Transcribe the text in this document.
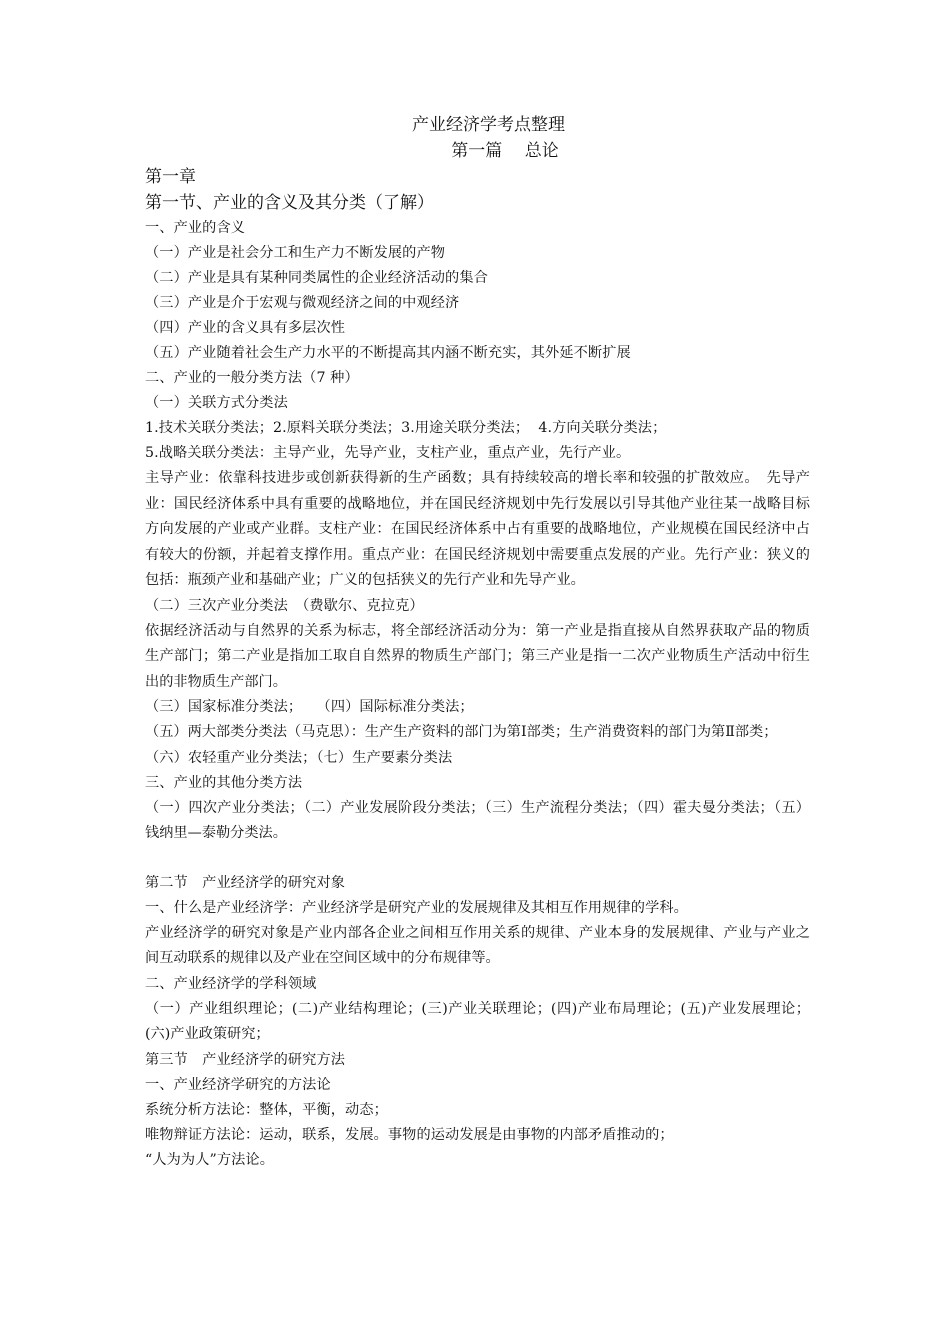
产业经济学考点整理
第一篇　 总论
第一章
第一节、产业的含义及其分类（了解）
一、产业的含义
（一）产业是社会分工和生产力不断发展的产物
（二）产业是具有某种同类属性的企业经济活动的集合
（三）产业是介于宏观与微观经济之间的中观经济
（四）产业的含义具有多层次性
（五）产业随着社会生产力水平的不断提高其内涵不断充实，其外延不断扩展
二、产业的一般分类方法（7 种）
（一）关联方式分类法
1.技术关联分类法；2.原料关联分类法；3.用途关联分类法；  4.方向关联分类法；
5.战略关联分类法：主导产业，先导产业，支柱产业，重点产业，先行产业。
主导产业：依靠科技进步或创新获得新的生产函数；具有持续较高的增长率和较强的扩散效应。　先导产业：国民经济体系中具有重要的战略地位，并在国民经济规划中先行发展以引导其他产业往某一战略目标方向发展的产业或产业群。支柱产业：在国民经济体系中占有重要的战略地位，产业规模在国民经济中占有较大的份额，并起着支撑作用。重点产业：在国民经济规划中需要重点发展的产业。先行产业：狭义的包括：瓶颈产业和基础产业；广义的包括狭义的先行产业和先导产业。
（二）三次产业分类法　（费歇尔、克拉克）
依据经济活动与自然界的关系为标志，将全部经济活动分为：第一产业是指直接从自然界获取产品的物质生产部门；第二产业是指加工取自自然界的物质生产部门；第三产业是指一二次产业物质生产活动中衍生出的非物质生产部门。
（三）国家标准分类法；　　（四）国际标准分类法；
（五）两大部类分类法（马克思）：生产生产资料的部门为第Ⅰ部类；生产消费资料的部门为第Ⅱ部类；
（六）农轻重产业分类法；（七）生产要素分类法
三、产业的其他分类方法
（一）四次产业分类法；（二）产业发展阶段分类法；（三）生产流程分类法；（四）霍夫曼分类法；（五）钱纳里—泰勒分类法。
第二节　产业经济学的研究对象
一、什么是产业经济学：产业经济学是研究产业的发展规律及其相互作用规律的学科。
产业经济学的研究对象是产业内部各企业之间相互作用关系的规律、产业本身的发展规律、产业与产业之间互动联系的规律以及产业在空间区域中的分布规律等。
二、产业经济学的学科领域
（一）产业组织理论；(二)产业结构理论；(三)产业关联理论；(四)产业布局理论；(五)产业发展理论；(六)产业政策研究；
第三节　产业经济学的研究方法
一、产业经济学研究的方法论
系统分析方法论：整体，平衡，动态；
唯物辩证方法论：运动，联系，发展。事物的运动发展是由事物的内部矛盾推动的；
“人为为人”方法论。
